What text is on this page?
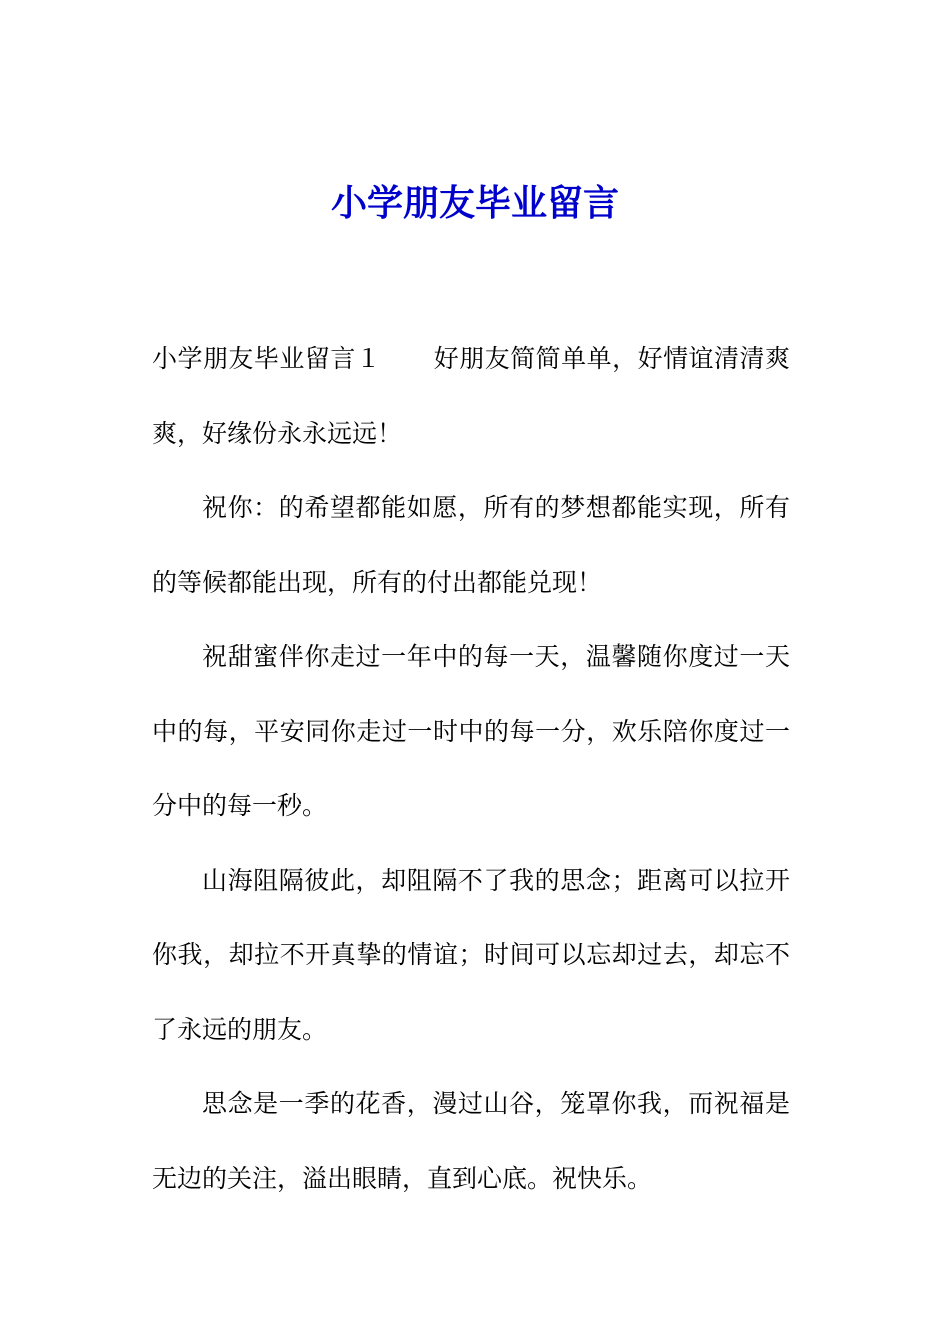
小学朋友毕业留言

小学朋友毕业留言１ 好朋友简简单单，好情谊清清爽爽，好缘份永永远远！

祝你：的希望都能如愿，所有的梦想都能实现，所有的等候都能出现，所有的付出都能兑现！

祝甜蜜伴你走过一年中的每一天，温馨随你度过一天中的每，平安同你走过一时中的每一分，欢乐陪你度过一分中的每一秒。

山海阻隔彼此，却阻隔不了我的思念；距离可以拉开你我，却拉不开真挚的情谊；时间可以忘却过去，却忘不了永远的朋友。

思念是一季的花香，漫过山谷，笼罩你我，而祝福是无边的关注，溢出眼睛，直到心底。祝快乐。
